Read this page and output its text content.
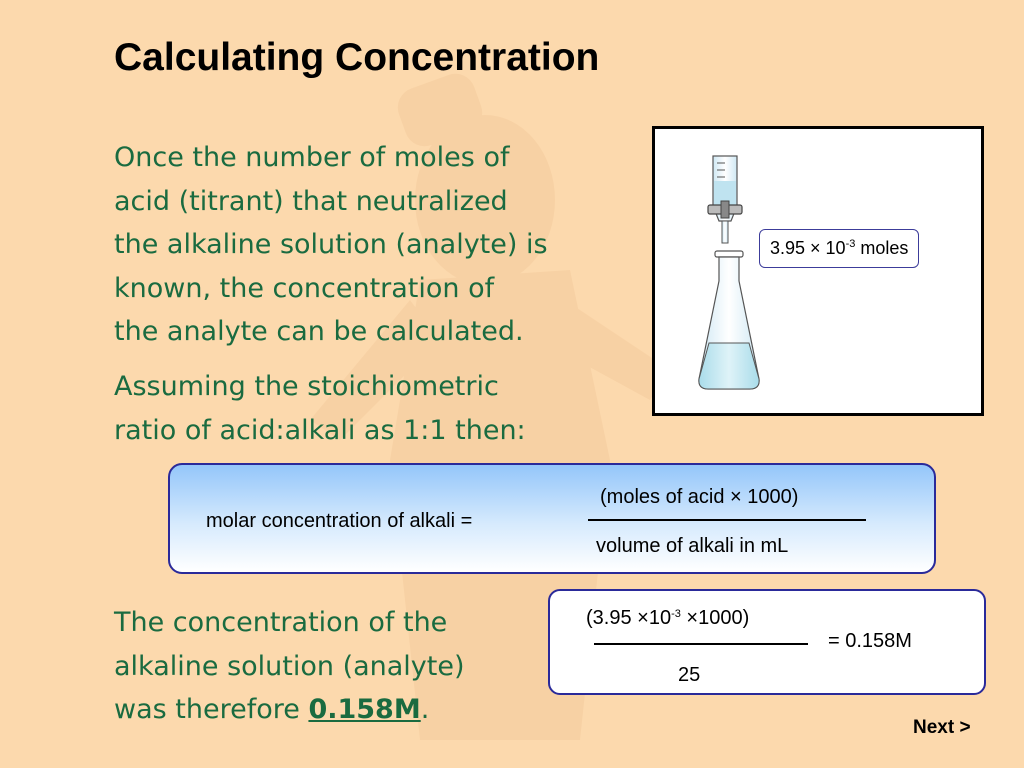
Calculating Concentration

Once the number of moles of
acid (titrant) that neutralized
the alkaline solution (analyte) is
known, the concentration of
the analyte can be calculated.

Assuming the stoichiometric
ratio of acid:alkali as 1:1 then:

The concentration of the
alkaline solution (analyte)
was therefore 0.158M.

$3.95 \times 10^{-3}$ moles
molar concentration of alkali =
(moles of acid × 1000)
volume of alkali in mL
$(3.95 \times 10^{-3} \times 1000)$
25
= 0.158M
Next >
